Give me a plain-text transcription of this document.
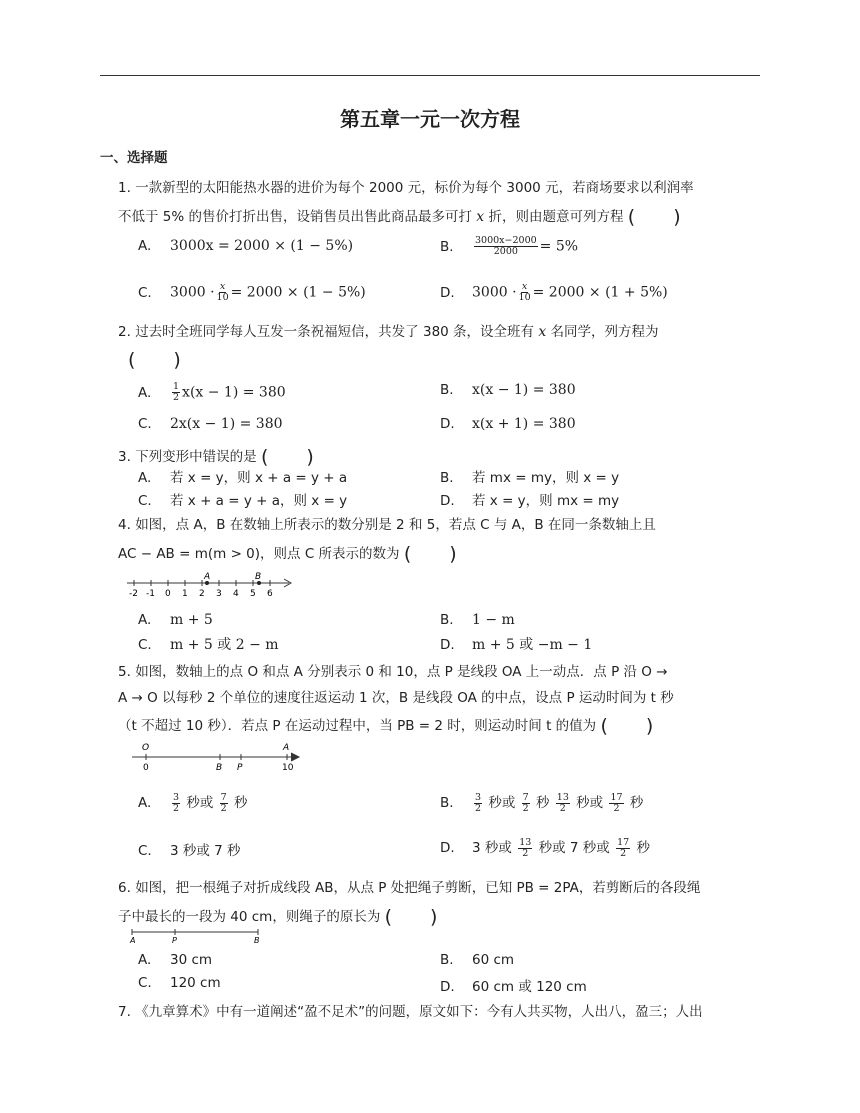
第五章一元一次方程
一、选择题
1. 一款新型的太阳能热水器的进价为每个 2000 元，标价为每个 3000 元，若商场要求以利润率
不低于 5% 的售价打折出售，设销售员出售此商品最多可打 x 折，则由题意可列方程 (　　)
A. 3000x = 2000 × (1 − 5%)	B. $\frac{3000x-2000}{2000} = 5\%$
C. $3000 \cdot \frac{x}{10} = 2000 \times (1 - 5\%)$	D. $3000 \cdot \frac{x}{10} = 2000 \times (1 + 5\%)$
2. 过去时全班同学每人互发一条祝福短信，共发了 380 条，设全班有 x 名同学，列方程为
(　　)
A. $\frac{1}{2} x(x - 1) = 380$	B. x(x − 1) = 380
C. 2x(x − 1) = 380	D. x(x + 1) = 380
3. 下列变形中错误的是 (　　)
A. 若 x = y，则 x + a = y + a	B. 若 mx = my，则 x = y
C. 若 x + a = y + a，则 x = y	D. 若 x = y，则 mx = my
4. 如图，点 A，B 在数轴上所表示的数分别是 2 和 5，若点 C 与 A，B 在同一条数轴上且
AC − AB = m(m > 0)，则点 C 所表示的数为 (　　)
-2 -1 0 1 2 3 4 5 6
A	B
A. m + 5	B. 1 − m
C. m + 5 或 2 − m	D. m + 5 或 −m − 1
5. 如图，数轴上的点 O 和点 A 分别表示 0 和 10，点 P 是线段 OA 上一动点．点 P 沿 O →
A → O 以每秒 2 个单位的速度往返运动 1 次，B 是线段 OA 的中点，设点 P 运动时间为 t 秒
（t 不超过 10 秒）．若点 P 在运动过程中，当 PB = 2 时，则运动时间 t 的值为 (　　)
O	A
0	10
B P
A. $\frac{3}{2}$ 秒或 $\frac{7}{2}$ 秒	B. $\frac{3}{2}$ 秒或 $\frac{7}{2}$ 秒 $\frac{13}{2}$ 秒或 $\frac{17}{2}$ 秒
C. 3 秒或 7 秒	D. 3 秒或 $\frac{13}{2}$ 秒或 7 秒或 $\frac{17}{2}$ 秒
6. 如图，把一根绳子对折成线段 AB，从点 P 处把绳子剪断，已知 PB = 2PA，若剪断后的各段绳
子中最长的一段为 40 cm，则绳子的原长为 (　　)
A	P	B
A. 30 cm	B. 60 cm
C. 120 cm	D. 60 cm 或 120 cm
7. 《九章算术》中有一道阐述“盈不足术”的问题，原文如下：今有人共买物，人出八，盈三；人出
